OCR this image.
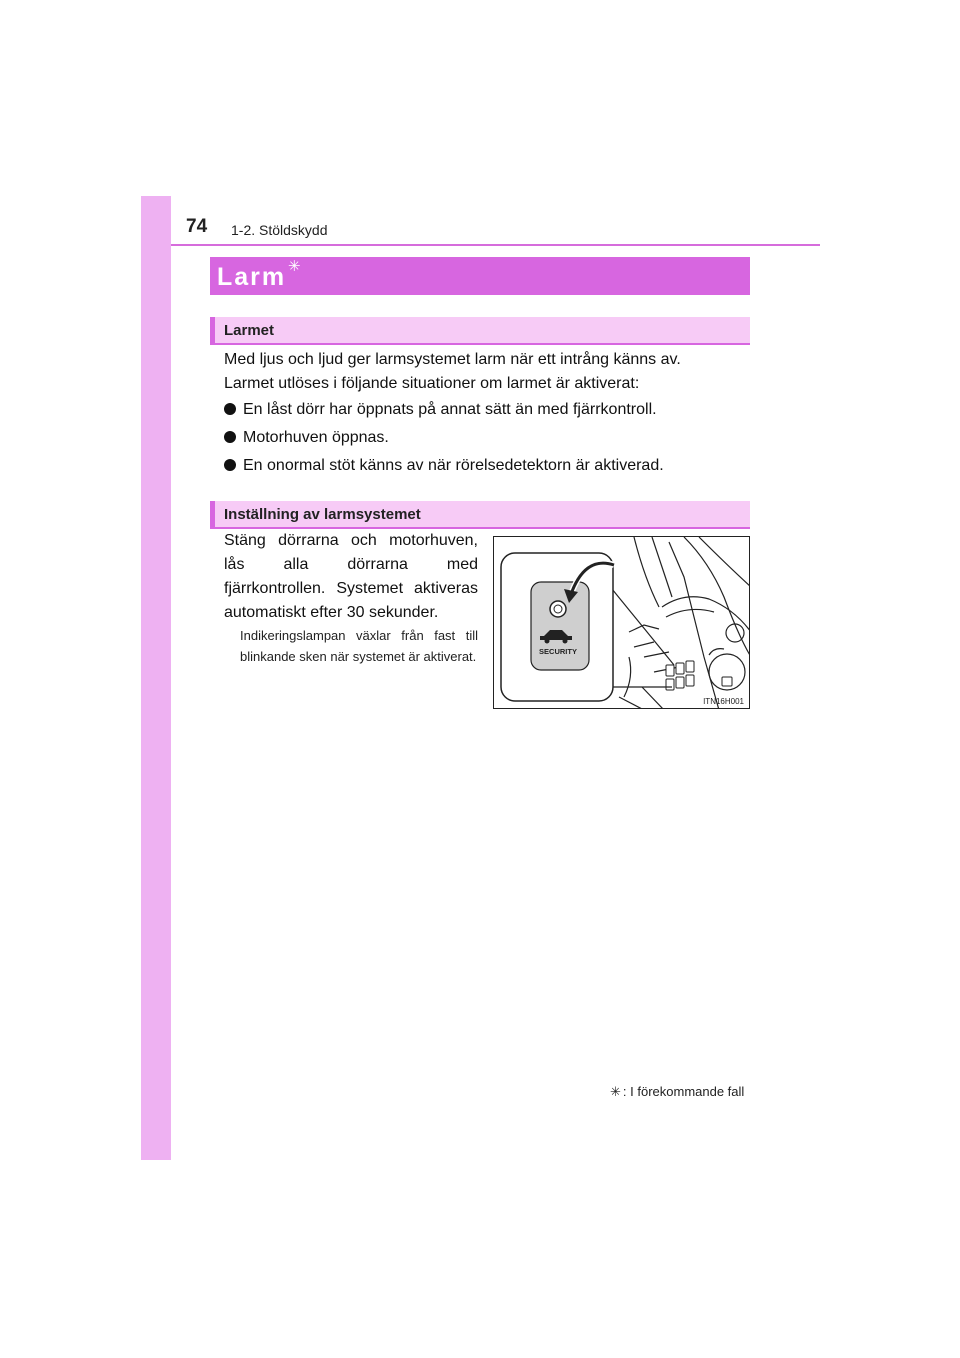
74 1-2. Stöldskydd
Larm ✳
Larmet
Med ljus och ljud ger larmsystemet larm när ett intrång känns av.
Larmet utlöses i följande situationer om larmet är aktiverat:
En låst dörr har öppnats på annat sätt än med fjärrkontroll.
Motorhuven öppnas.
En onormal stöt känns av när rörelsedetektorn är aktiverad.
Inställning av larmsystemet
Stäng dörrarna och motorhuven, lås alla dörrarna med fjärrkontrollen. Systemet aktiveras automatiskt efter 30 sekunder.
Indikeringslampan växlar från fast till blinkande sken när systemet är aktiverat.	SECURITY
ITN16H001
✳ : I förekommande fall
